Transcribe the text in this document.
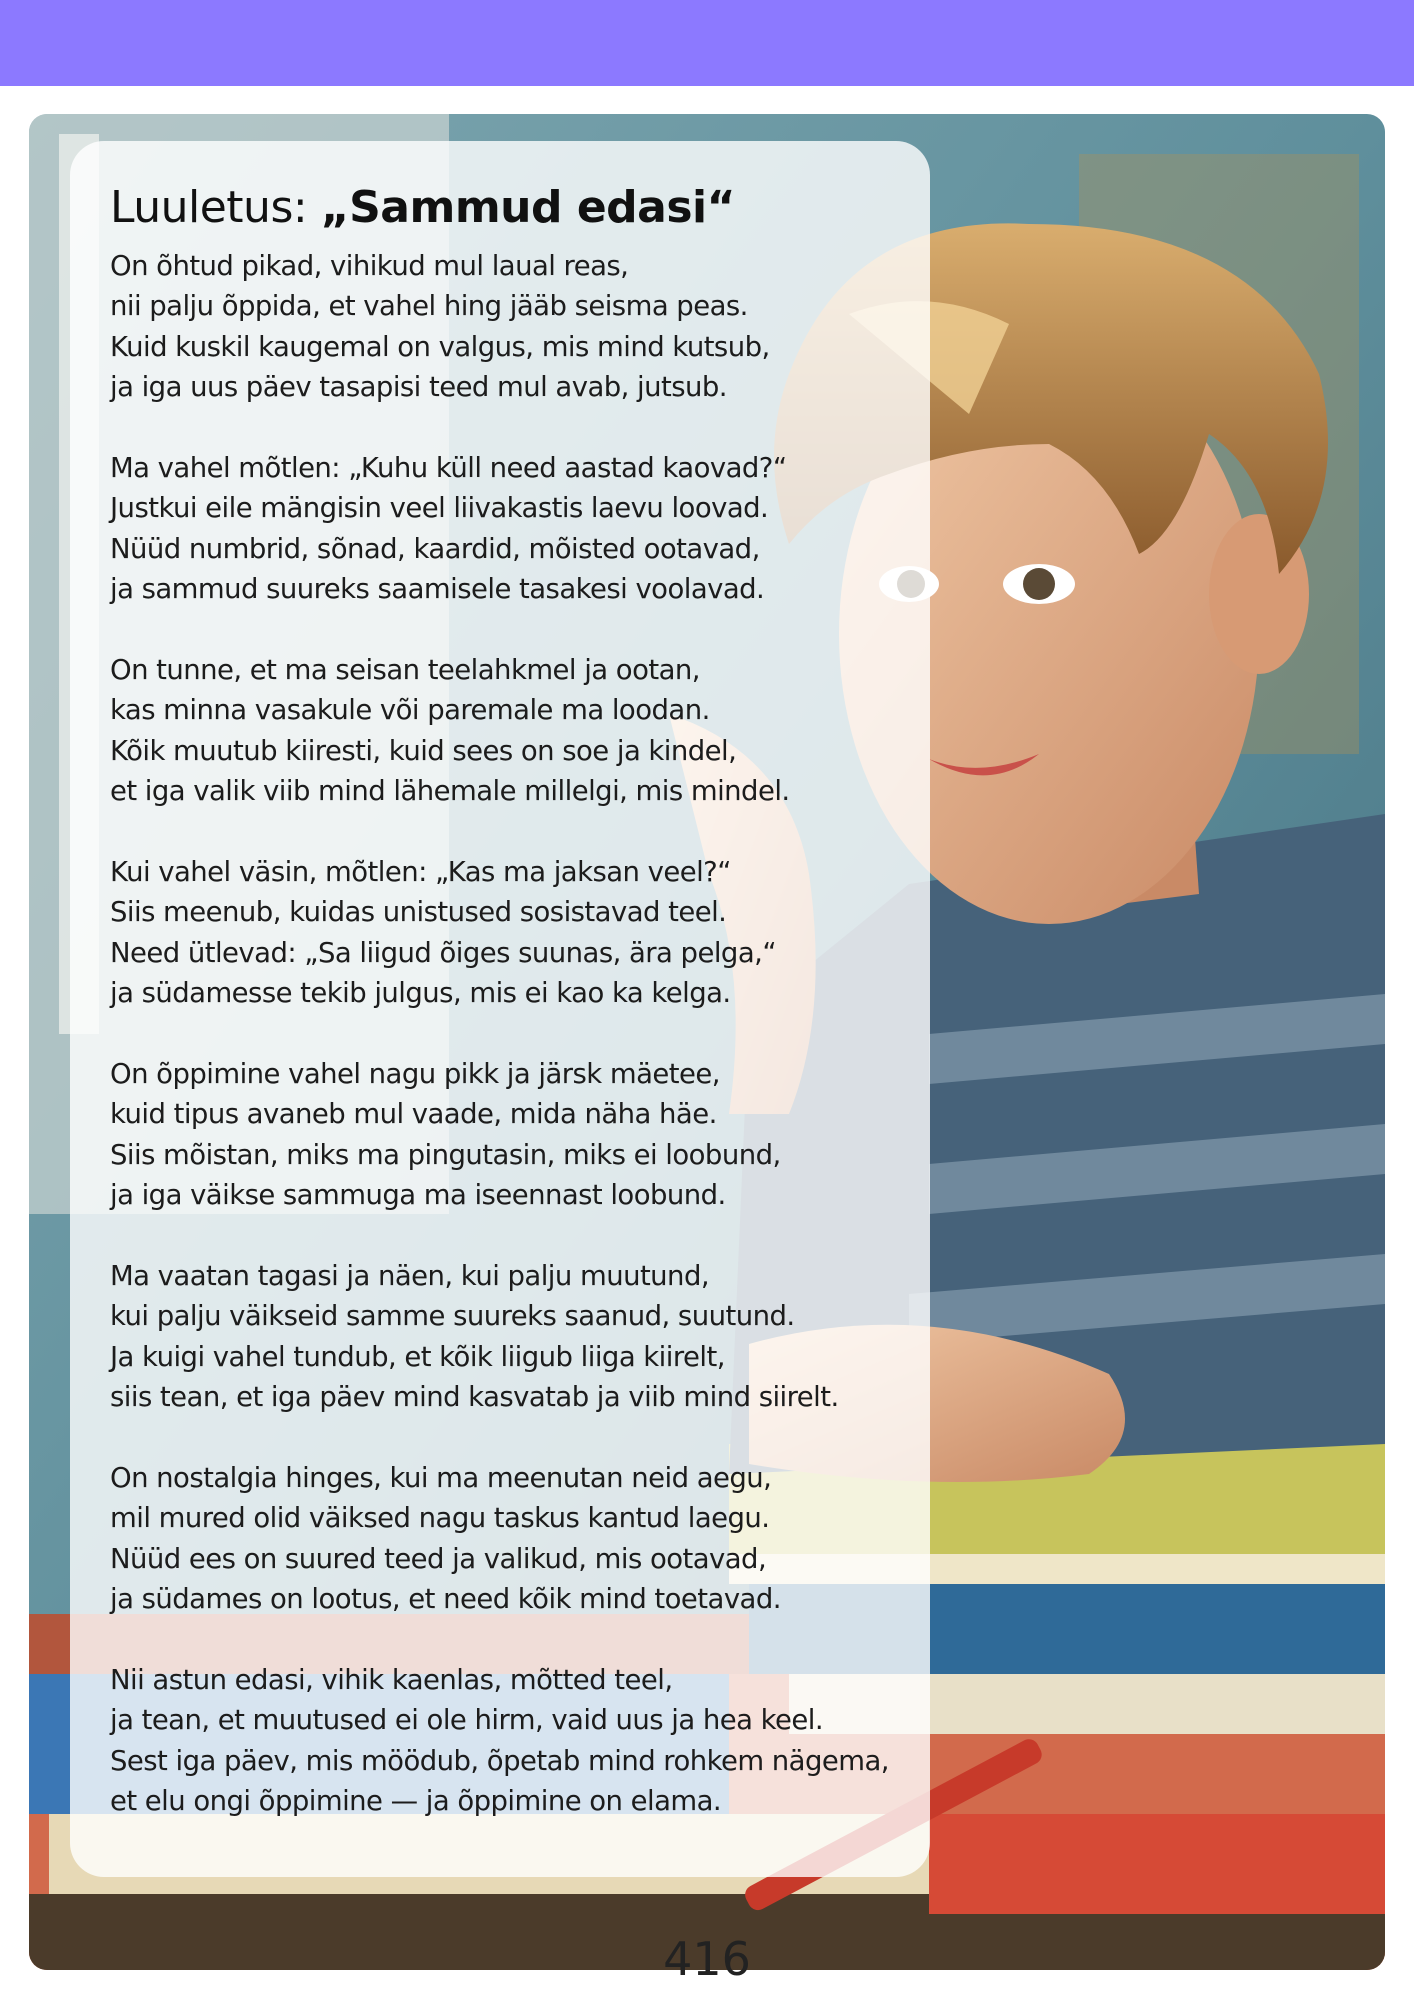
Luuletus: „Sammud edasi“
On õhtud pikad, vihikud mul laual reas,
nii palju õppida, et vahel hing jääb seisma peas.
Kuid kuskil kaugemal on valgus, mis mind kutsub,
ja iga uus päev tasapisi teed mul avab, jutsub.
Ma vahel mõtlen: „Kuhu küll need aastad kaovad?“
Justkui eile mängisin veel liivakastis laevu loovad.
Nüüd numbrid, sõnad, kaardid, mõisted ootavad,
ja sammud suureks saamisele tasakesi voolavad.
On tunne, et ma seisan teelahkmel ja ootan,
kas minna vasakule või paremale ma loodan.
Kõik muutub kiiresti, kuid sees on soe ja kindel,
et iga valik viib mind lähemale millelgi, mis mindel.
Kui vahel väsin, mõtlen: „Kas ma jaksan veel?“
Siis meenub, kuidas unistused sosistavad teel.
Need ütlevad: „Sa liigud õiges suunas, ära pelga,“
ja südamesse tekib julgus, mis ei kao ka kelga.
On õppimine vahel nagu pikk ja järsk mäetee,
kuid tipus avaneb mul vaade, mida näha häe.
Siis mõistan, miks ma pingutasin, miks ei loobund,
ja iga väikse sammuga ma iseennast loobund.
Ma vaatan tagasi ja näen, kui palju muutund,
kui palju väikseid samme suureks saanud, suutund.
Ja kuigi vahel tundub, et kõik liigub liiga kiirelt,
siis tean, et iga päev mind kasvatab ja viib mind siirelt.
On nostalgia hinges, kui ma meenutan neid aegu,
mil mured olid väiksed nagu taskus kantud laegu.
Nüüd ees on suured teed ja valikud, mis ootavad,
ja südames on lootus, et need kõik mind toetavad.
Nii astun edasi, vihik kaenlas, mõtted teel,
ja tean, et muutused ei ole hirm, vaid uus ja hea keel.
Sest iga päev, mis möödub, õpetab mind rohkem nägema,
et elu ongi õppimine — ja õppimine on elama.
416
